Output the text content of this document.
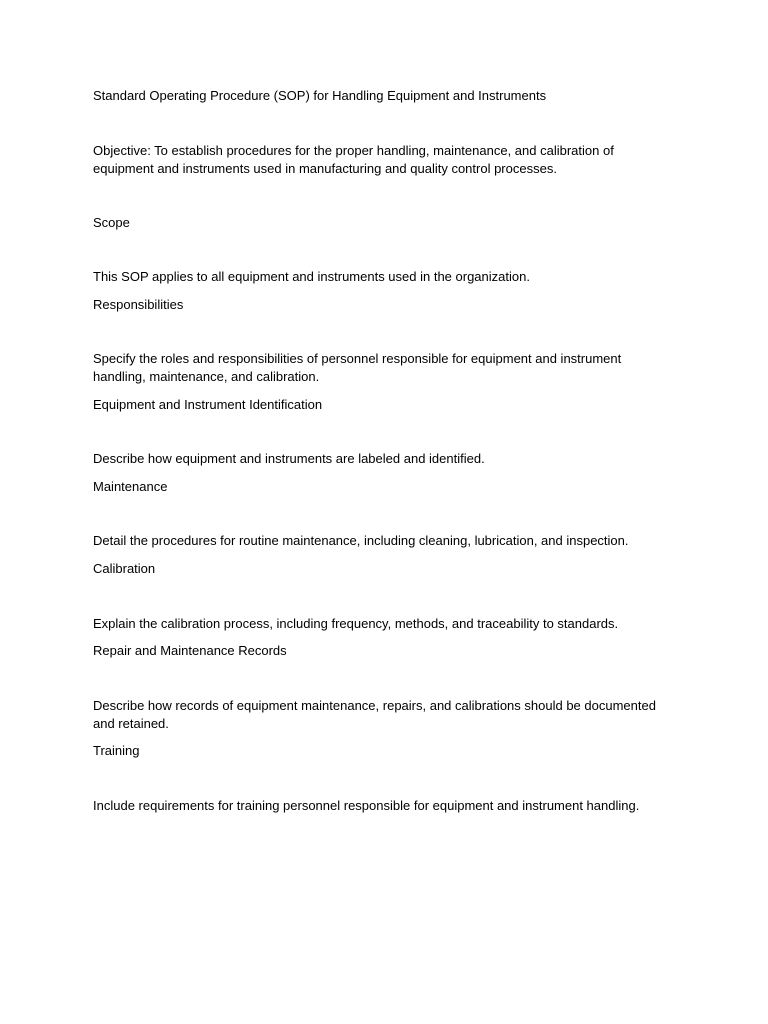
Standard Operating Procedure (SOP) for Handling Equipment and Instruments

Objective: To establish procedures for the proper handling, maintenance, and calibration of
equipment and instruments used in manufacturing and quality control processes.

Scope

This SOP applies to all equipment and instruments used in the organization.

Responsibilities

Specify the roles and responsibilities of personnel responsible for equipment and instrument
handling, maintenance, and calibration.

Equipment and Instrument Identification

Describe how equipment and instruments are labeled and identified.

Maintenance

Detail the procedures for routine maintenance, including cleaning, lubrication, and inspection.

Calibration

Explain the calibration process, including frequency, methods, and traceability to standards.

Repair and Maintenance Records

Describe how records of equipment maintenance, repairs, and calibrations should be documented
and retained.

Training

Include requirements for training personnel responsible for equipment and instrument handling.
